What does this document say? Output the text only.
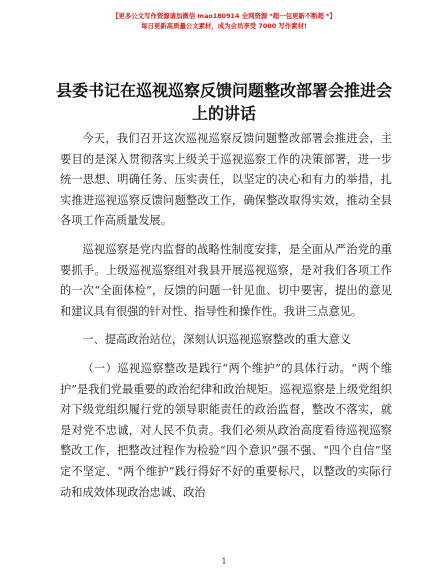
【更多公文写作资源请加微信 mao180914 全网资源 *超一包更新不断超 *】
每日更新高质量公文素材，成为会员享受 7000 写作素材!
县委书记在巡视巡察反馈问题整改部署会推进会上的讲话

今天，我们召开这次巡视巡察反馈问题整改部署会推进会，主要目的是深入贯彻落实上级关于巡视巡察工作的决策部署，进一步统一思想、明确任务、压实责任，以坚定的决心和有力的举措，扎实推进巡视巡察反馈问题整改工作，确保整改取得实效，推动全县各项工作高质量发展。

巡视巡察是党内监督的战略性制度安排，是全面从严治党的重要抓手。上级巡视巡察组对我县开展巡视巡察，是对我们各项工作的一次“全面体检”，反馈的问题一针见血、切中要害，提出的意见和建议具有很强的针对性、指导性和操作性。我讲三点意见。

一、提高政治站位，深刻认识巡视巡察整改的重大意义

（一）巡视巡察整改是践行“两个维护”的具体行动。“两个维护”是我们党最重要的政治纪律和政治规矩。巡视巡察是上级党组织对下级党组织履行党的领导职能责任的政治监督，整改不落实，就是对党不忠诚，对人民不负责。我们必须从政治高度看待巡视巡察整改工作，把整改过程作为检验“四个意识”强不强、“四个自信”坚定不坚定、“两个维护”践行得好不好的重要标尺，以整改的实际行动和成效体现政治忠诚、政治

1
